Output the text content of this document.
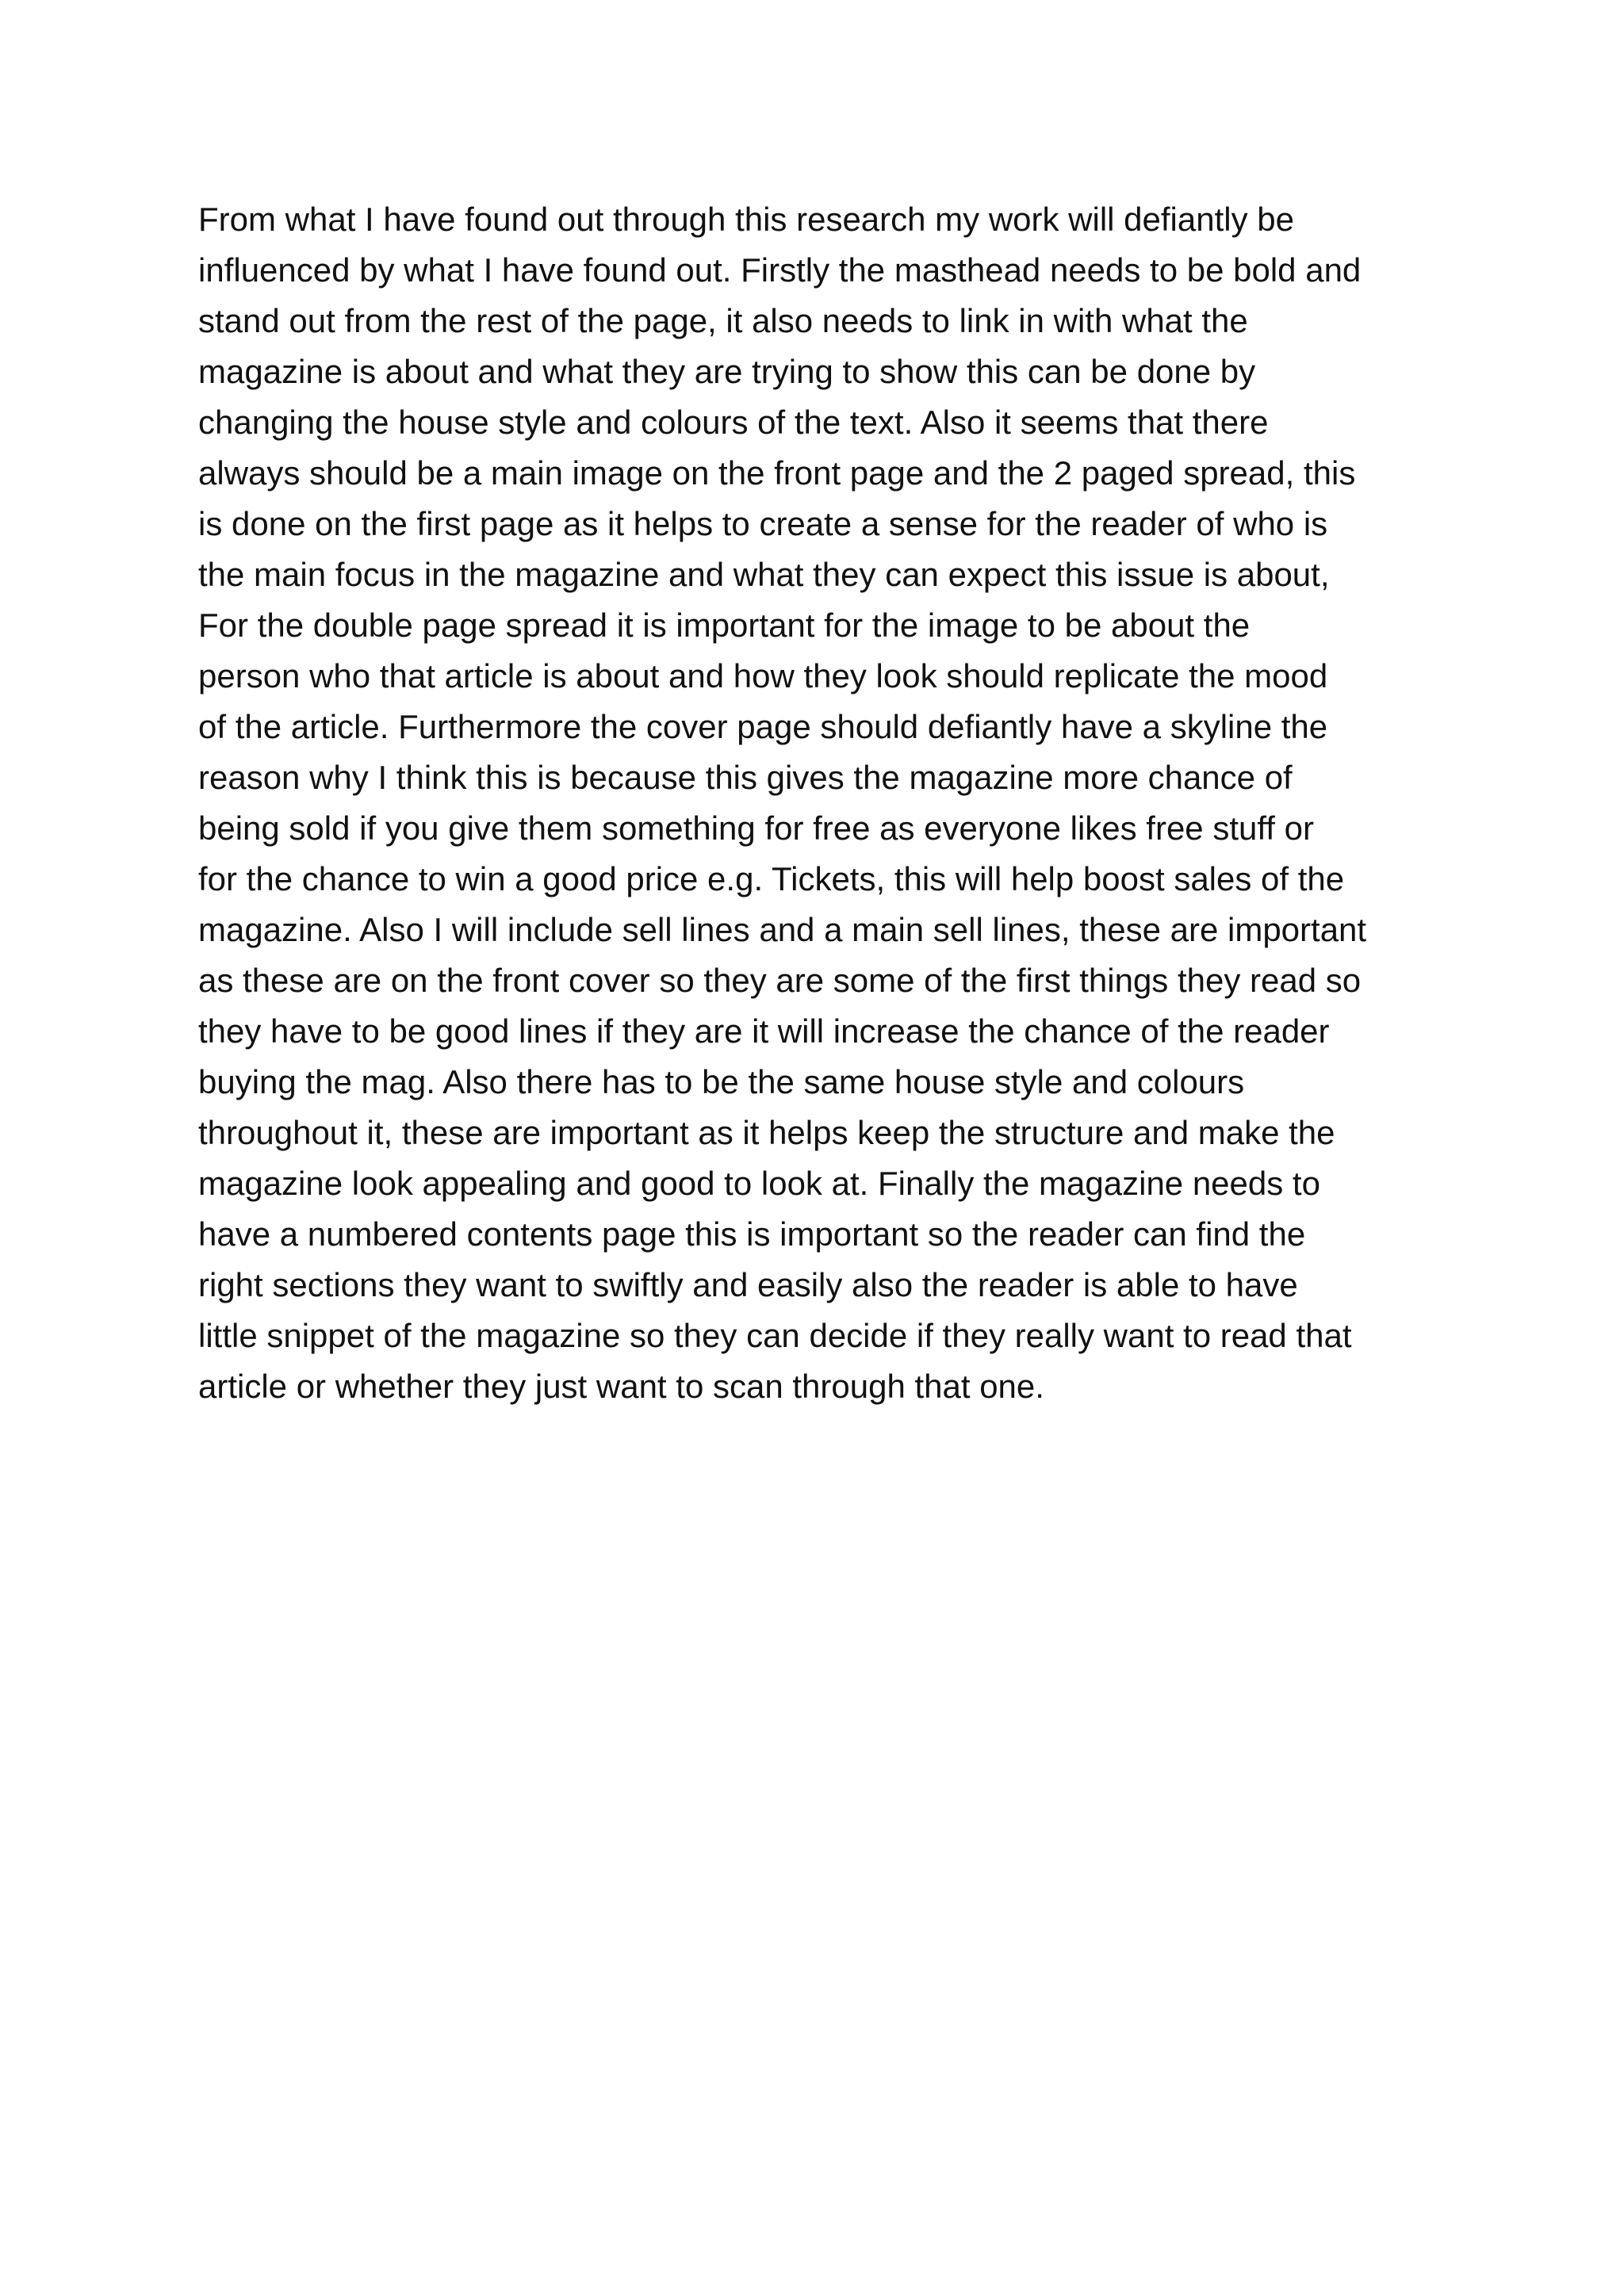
From what I have found out through this research my work will defiantly be
influenced by what I have found out. Firstly the masthead needs to be bold and
stand out from the rest of the page, it also needs to link in with what the
magazine is about and what they are trying to show this can be done by
changing the house style and colours of the text. Also it seems that there
always should be a main image on the front page and the 2 paged spread, this
is done on the first page as it helps to create a sense for the reader of who is
the main focus in the magazine and what they can expect this issue is about,
For the double page spread it is important for the image to be about the
person who that article is about and how they look should replicate the mood
of the article. Furthermore the cover page should defiantly have a skyline the
reason why I think this is because this gives the magazine more chance of
being sold if you give them something for free as everyone likes free stuff or
for the chance to win a good price e.g. Tickets, this will help boost sales of the
magazine. Also I will include sell lines and a main sell lines, these are important
as these are on the front cover so they are some of the first things they read so
they have to be good lines if they are it will increase the chance of the reader
buying the mag. Also there has to be the same house style and colours
throughout it, these are important as it helps keep the structure and make the
magazine look appealing and good to look at. Finally the magazine needs to
have a numbered contents page this is important so the reader can find the
right sections they want to swiftly and easily also the reader is able to have
little snippet of the magazine so they can decide if they really want to read that
article or whether they just want to scan through that one.
